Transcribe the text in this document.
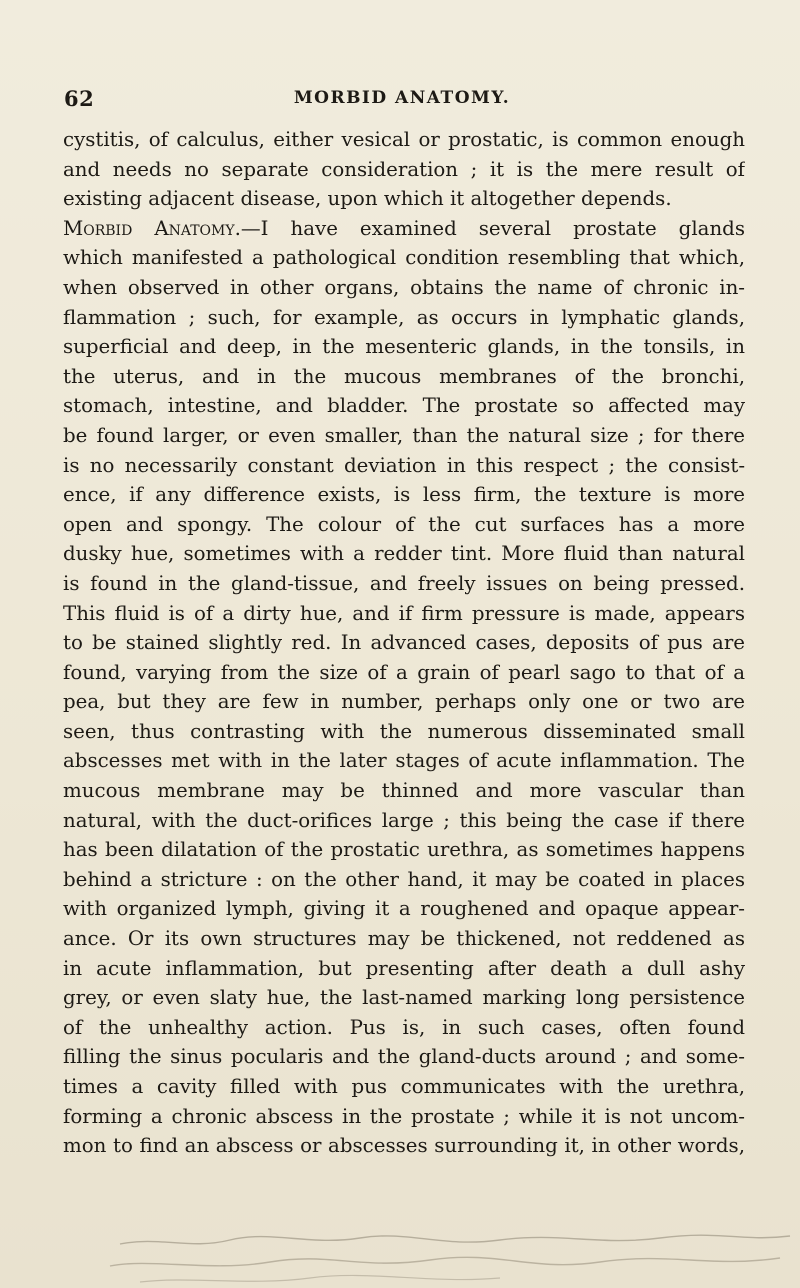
62	MORBID ANATOMY.
cystitis, of calculus, either vesical or prostatic, is common enough
and needs no separate consideration ; it is the mere result of
existing adjacent disease, upon which it altogether depends.
Morbid Anatomy.—I have examined several prostate glands
which manifested a pathological condition resembling that which,
when observed in other organs, obtains the name of chronic in-
flammation ; such, for example, as occurs in lymphatic glands,
superficial and deep, in the mesenteric glands, in the tonsils, in
the uterus, and in the mucous membranes of the bronchi,
stomach, intestine, and bladder. The prostate so affected may
be found larger, or even smaller, than the natural size ; for there
is no necessarily constant deviation in this respect ; the consist-
ence, if any difference exists, is less firm, the texture is more
open and spongy. The colour of the cut surfaces has a more
dusky hue, sometimes with a redder tint. More fluid than natural
is found in the gland-tissue, and freely issues on being pressed.
This fluid is of a dirty hue, and if firm pressure is made, appears
to be stained slightly red. In advanced cases, deposits of pus are
found, varying from the size of a grain of pearl sago to that of a
pea, but they are few in number, perhaps only one or two are
seen, thus contrasting with the numerous disseminated small
abscesses met with in the later stages of acute inflammation. The
mucous membrane may be thinned and more vascular than
natural, with the duct-orifices large ; this being the case if there
has been dilatation of the prostatic urethra, as sometimes happens
behind a stricture : on the other hand, it may be coated in places
with organized lymph, giving it a roughened and opaque appear-
ance. Or its own structures may be thickened, not reddened as
in acute inflammation, but presenting after death a dull ashy
grey, or even slaty hue, the last-named marking long persistence
of the unhealthy action. Pus is, in such cases, often found
filling the sinus pocularis and the gland-ducts around ; and some-
times a cavity filled with pus communicates with the urethra,
forming a chronic abscess in the prostate ; while it is not uncom-
mon to find an abscess or abscesses surrounding it, in other words,
